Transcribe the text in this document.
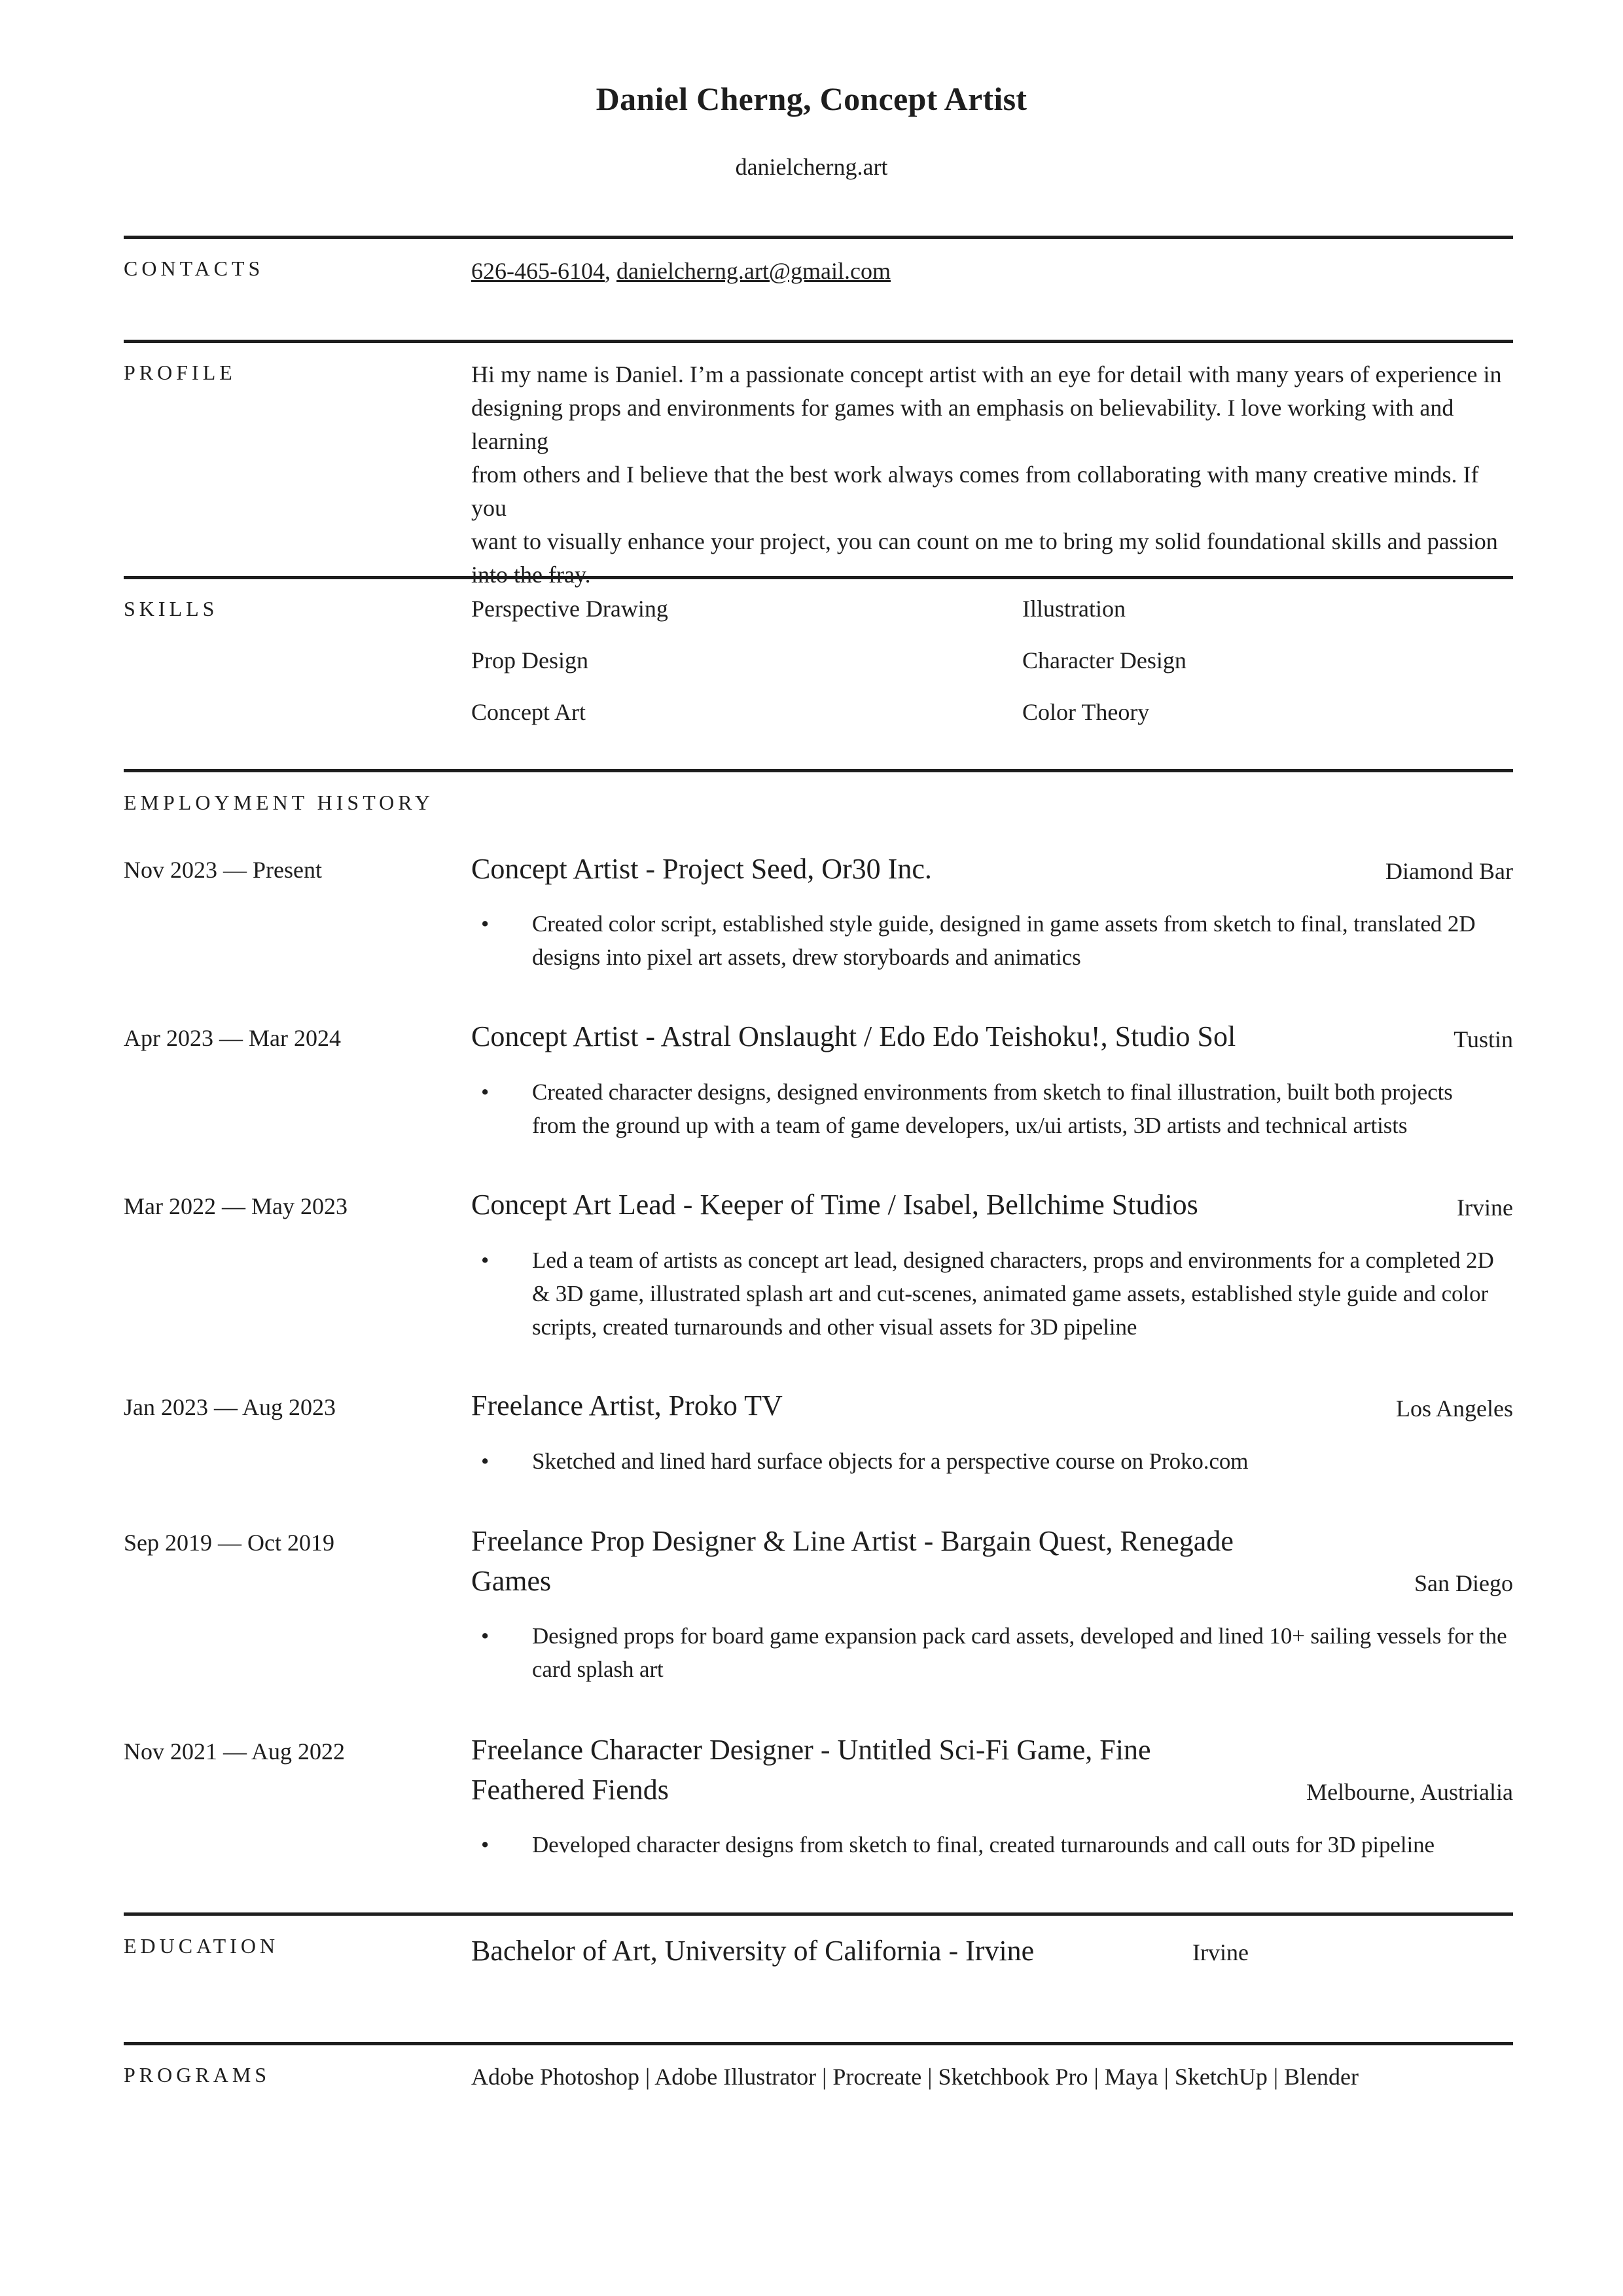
Daniel Cherng, Concept Artist
danielcherng.art
CONTACTS	626-465-6104, danielcherng.art@gmail.com
PROFILE	Hi my name is Daniel. I’m a passionate concept artist with an eye for detail with many years of experience in
designing props and environments for games with an emphasis on believability. I love working with and learning
from others and I believe that the best work always comes from collaborating with many creative minds. If you
want to visually enhance your project, you can count on me to bring my solid foundational skills and passion
into the fray.
SKILLS	Perspective Drawing	Illustration
Prop Design	Character Design
Concept Art	Color Theory
EMPLOYMENT HISTORY
Nov 2023 — Present	Concept Artist - Project Seed, Or30 Inc.	Diamond Bar
• Created color script, established style guide, designed in game assets from sketch to final, translated 2D
designs into pixel art assets, drew storyboards and animatics
Apr 2023 — Mar 2024	Concept Artist - Astral Onslaught / Edo Edo Teishoku!, Studio Sol	Tustin
• Created character designs, designed environments from sketch to final illustration, built both projects
from the ground up with a team of game developers, ux/ui artists, 3D artists and technical artists
Mar 2022 — May 2023	Concept Art Lead - Keeper of Time / Isabel, Bellchime Studios	Irvine
• Led a team of artists as concept art lead, designed characters, props and environments for a completed 2D
& 3D game, illustrated splash art and cut-scenes, animated game assets, established style guide and color
scripts, created turnarounds and other visual assets for 3D pipeline
Jan 2023 — Aug 2023	Freelance Artist, Proko TV	Los Angeles
• Sketched and lined hard surface objects for a perspective course on Proko.com
Sep 2019 — Oct 2019	Freelance Prop Designer & Line Artist - Bargain Quest, Renegade
Games	San Diego
• Designed props for board game expansion pack card assets, developed and lined 10+ sailing vessels for the
card splash art
Nov 2021 — Aug 2022	Freelance Character Designer - Untitled Sci-Fi Game, Fine
Feathered Fiends	Melbourne, Austrialia
• Developed character designs from sketch to final, created turnarounds and call outs for 3D pipeline
EDUCATION	Bachelor of Art, University of California - Irvine	Irvine
PROGRAMS	Adobe Photoshop | Adobe Illustrator | Procreate | Sketchbook Pro | Maya | SketchUp | Blender
